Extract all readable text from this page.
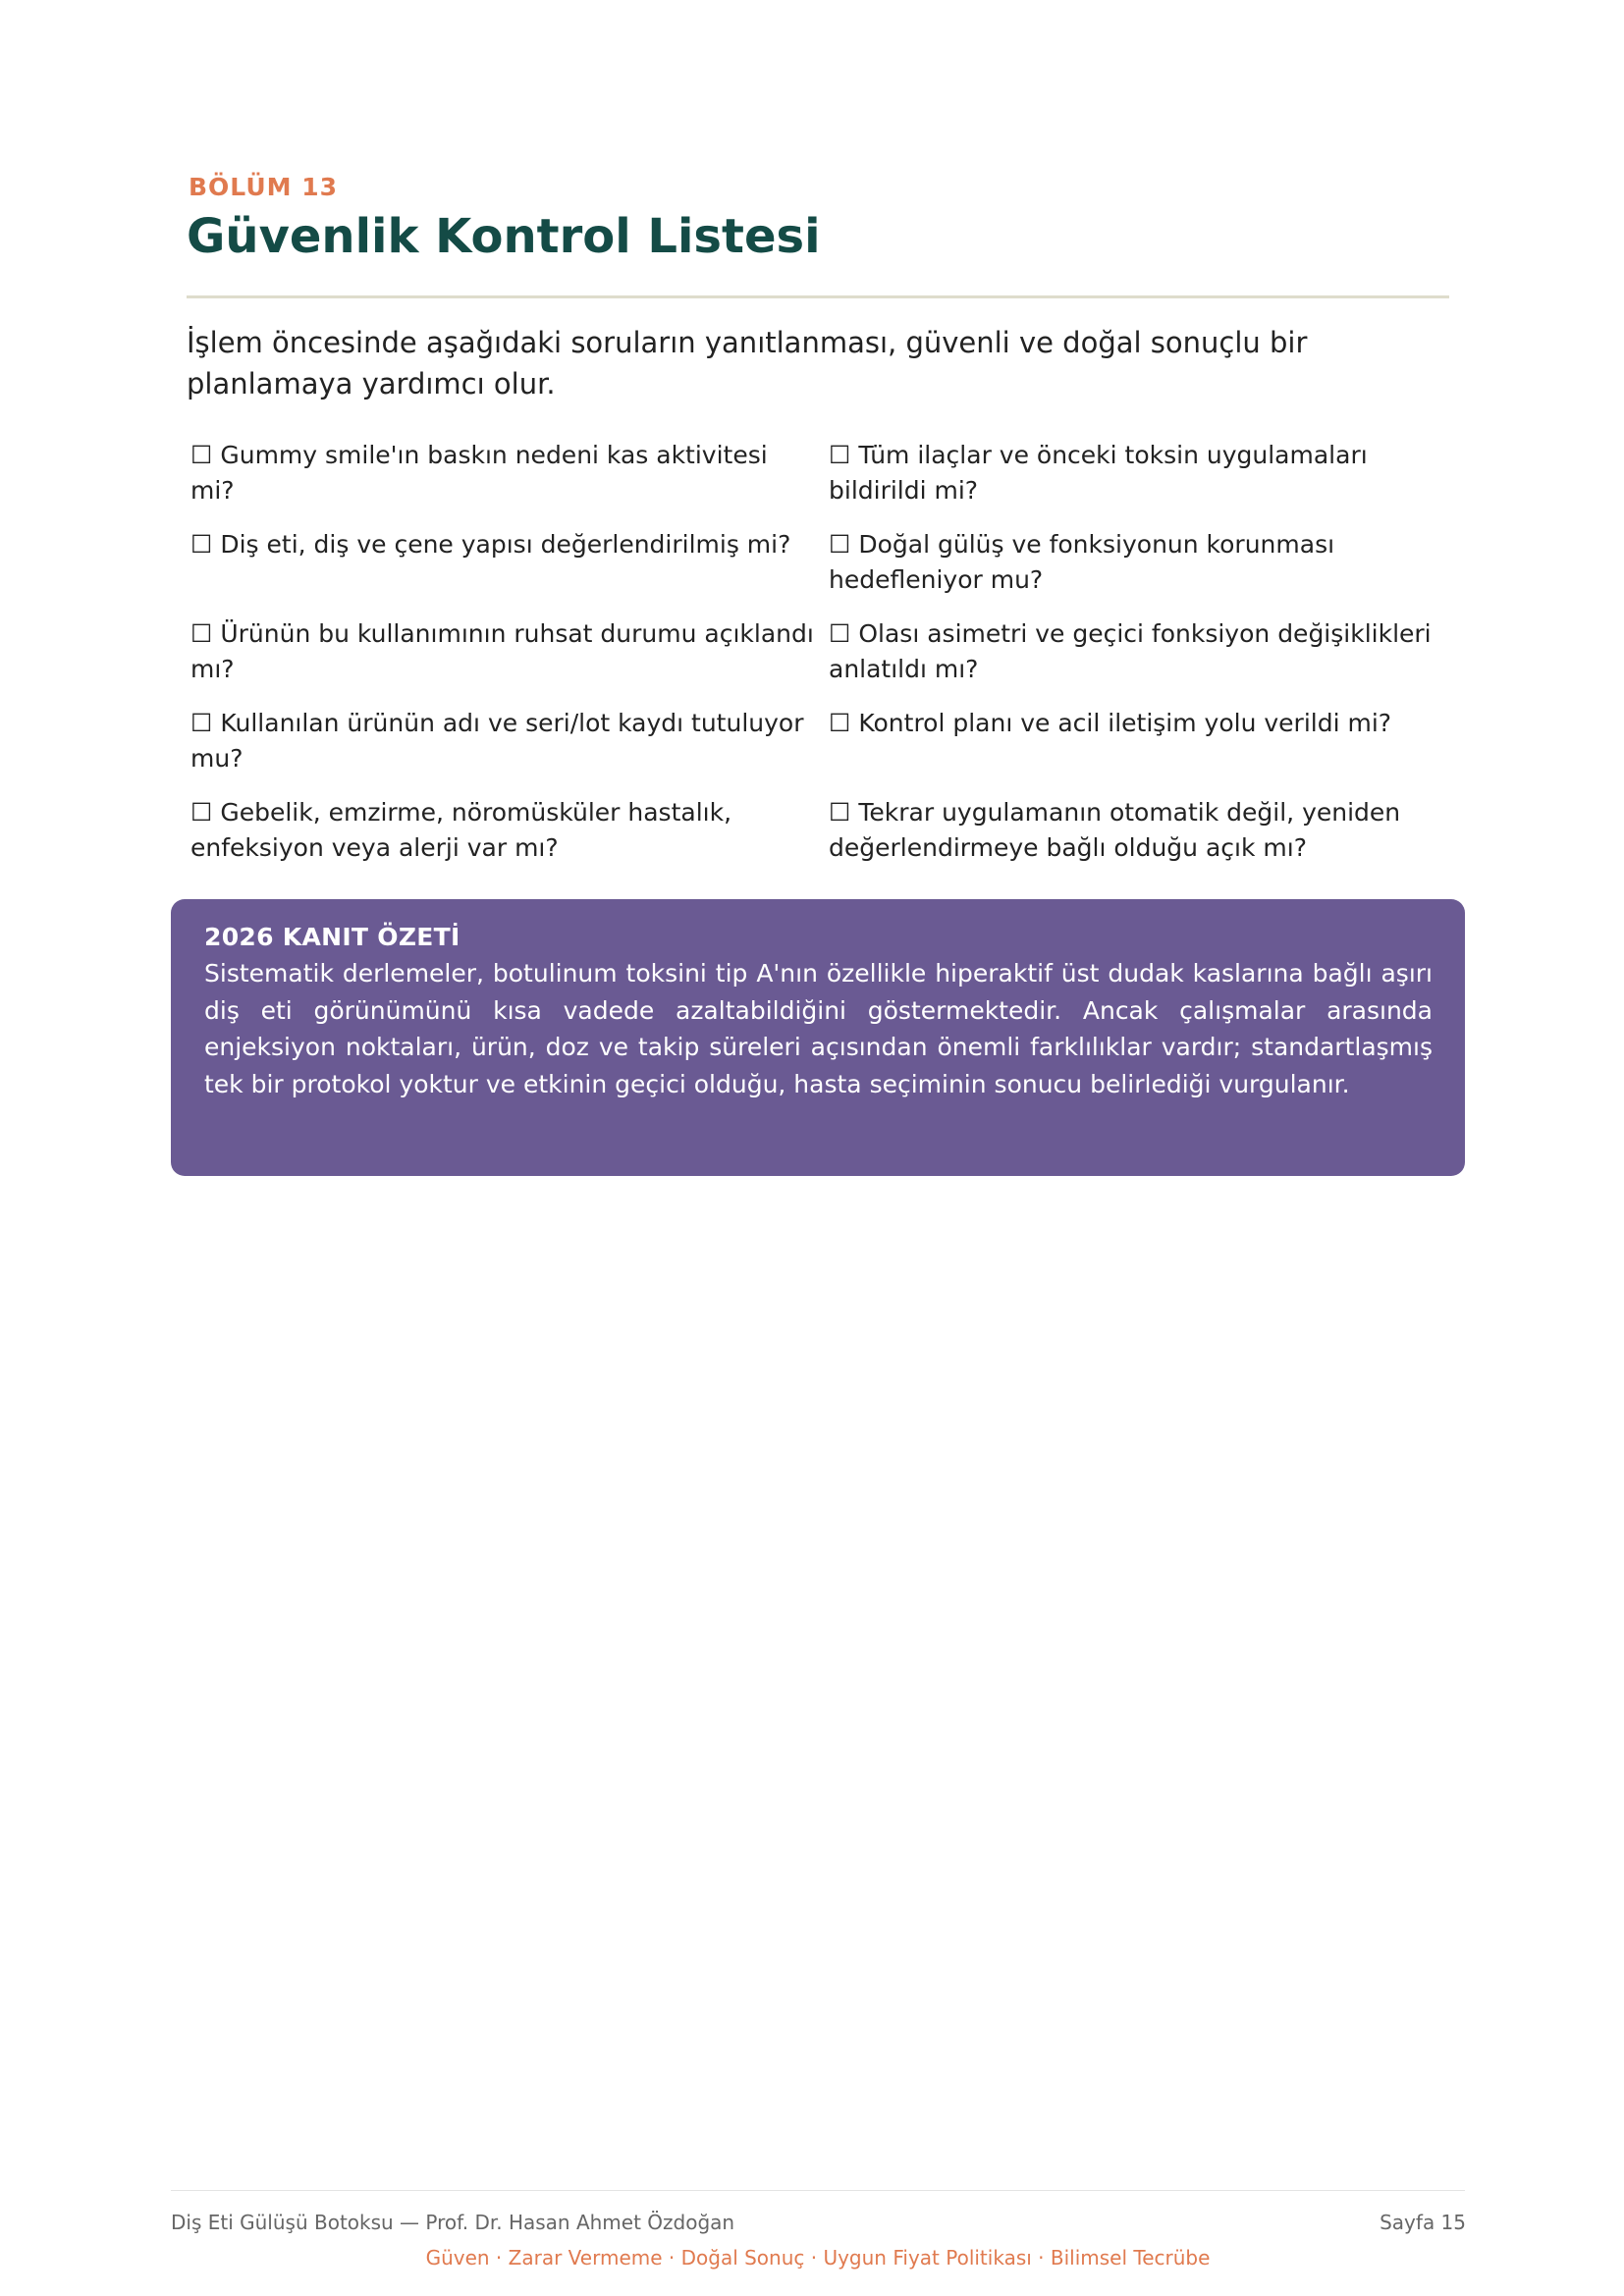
BÖLÜM 13
Güvenlik Kontrol Listesi

İşlem öncesinde aşağıdaki soruların yanıtlanması, güvenli ve doğal sonuçlu bir planlamaya yardımcı olur.

☐ Gummy smile'ın baskın nedeni kas aktivitesi mi?
☐ Tüm ilaçlar ve önceki toksin uygulamaları bildirildi mi?
☐ Diş eti, diş ve çene yapısı değerlendirilmiş mi?	☐ Doğal gülüş ve fonksiyonun korunması hedefleniyor mu?
☐ Ürünün bu kullanımının ruhsat durumu açıklandı mı?
☐ Olası asimetri ve geçici fonksiyon değişiklikleri anlatıldı mı?
☐ Kullanılan ürünün adı ve seri/lot kaydı tutuluyor mu?
☐ Kontrol planı ve acil iletişim yolu verildi mi?
☐ Gebelik, emzirme, nöromüsküler hastalık, enfeksiyon veya alerji var mı?
☐ Tekrar uygulamanın otomatik değil, yeniden değerlendirmeye bağlı olduğu açık mı?
2026 KANIT ÖZETİ

Sistematik derlemeler, botulinum toksini tip A'nın özellikle hiperaktif üst dudak kaslarına bağlı aşırı diş eti görünümünü kısa vadede azaltabildiğini göstermektedir. Ancak çalışmalar arasında enjeksiyon noktaları, ürün, doz ve takip süreleri açısından önemli farklılıklar vardır; standartlaşmış tek bir protokol yoktur ve etkinin geçici olduğu, hasta seçiminin sonucu belirlediği vurgulanır.

Diş Eti Gülüşü Botoksu — Prof. Dr. Hasan Ahmet Özdoğan	Sayfa 15
Güven · Zarar Vermeme · Doğal Sonuç · Uygun Fiyat Politikası · Bilimsel Tecrübe
